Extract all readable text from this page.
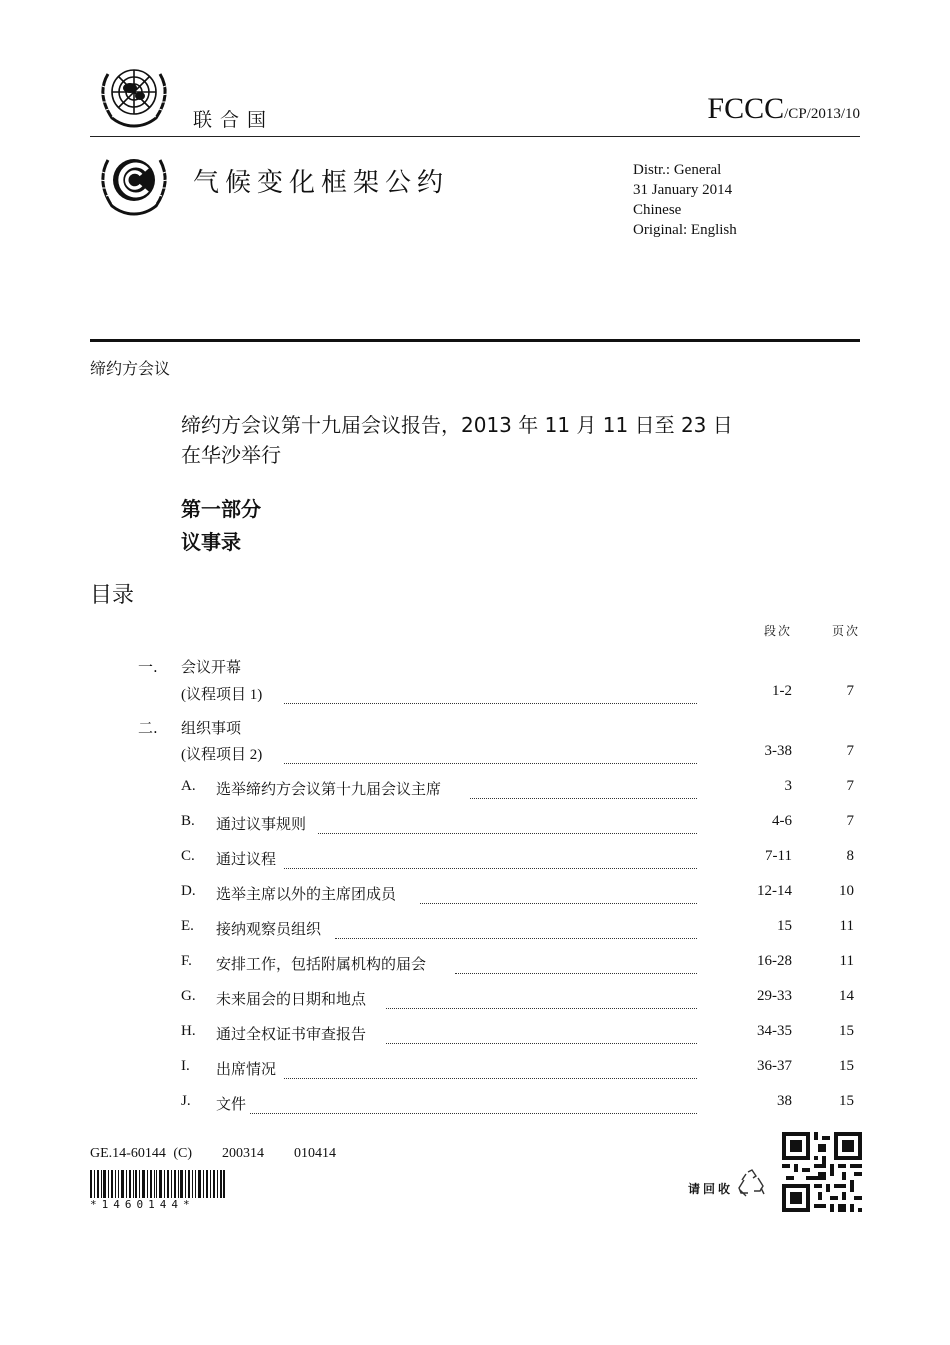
联合国	FCCC/CP/2013/10
气候变化框架公约	Distr.: General
31 January 2014
Chinese
Original: English
缔约方会议
缔约方会议第十九届会议报告，2013 年 11 月 11 日至 23 日
在华沙举行
第一部分
议事录
目录
段次	页次
一. 会议开幕
(议程项目 1)	1-2	7
二. 组织事项
(议程项目 2)	3-38	7
A. 选举缔约方会议第十九届会议主席	3	7
B. 通过议事规则	4-6	7
C. 通过议程	7-11	8
D. 选举主席以外的主席团成员	12-14	10
E. 接纳观察员组织	15	11
F. 安排工作，包括附属机构的届会	16-28	11
G. 未来届会的日期和地点	29-33	14
H. 通过全权证书审查报告	34-35	15
I. 出席情况	36-37	15
J. 文件	38	15
GE.14-60144 (C)    200314    010414
*1460144*
请回收
